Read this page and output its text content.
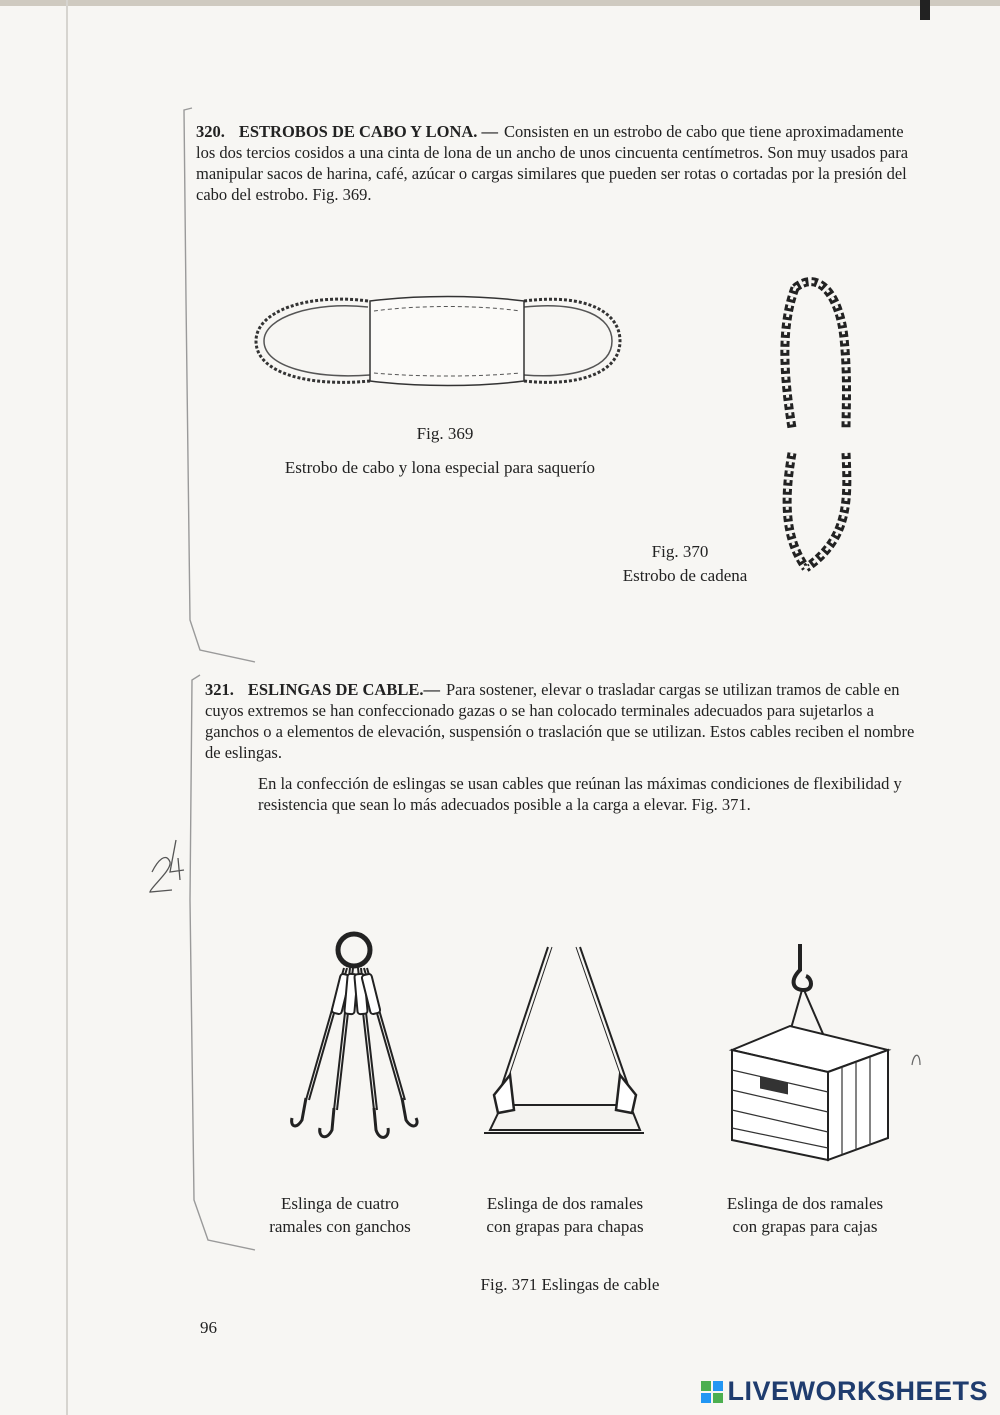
320. ESTROBOS DE CABO Y LONA. — Consisten en un estrobo de cabo que tiene aproximadamente los dos tercios cosidos a una cinta de lona de un ancho de unos cincuenta centímetros. Son muy usados para manipular sacos de harina, café, azúcar o cargas similares que pueden ser rotas o cortadas por la presión del cabo del estrobo. Fig. 369.

Fig. 369
Estrobo de cabo y lona especial para saquerío
Fig. 370
Estrobo de cadena

321. ESLINGAS DE CABLE.— Para sostener, elevar o trasladar cargas se utilizan tramos de cable en cuyos extremos se han confeccionado gazas o se han colocado terminales adecuados para sujetarlos a ganchos o a elementos de elevación, suspensión o traslación que se utilizan. Estos cables reciben el nombre de eslingas.

En la confección de eslingas se usan cables que reúnan las máximas condiciones de flexibilidad y resistencia que sean lo más adecuados posible a la carga a elevar. Fig. 371.

Eslinga de cuatro
ramales con ganchos
Eslinga de dos ramales
con grapas para chapas
Eslinga de dos ramales
con grapas para cajas
Fig. 371 Eslingas de cable
96
LIVEWORKSHEETS
